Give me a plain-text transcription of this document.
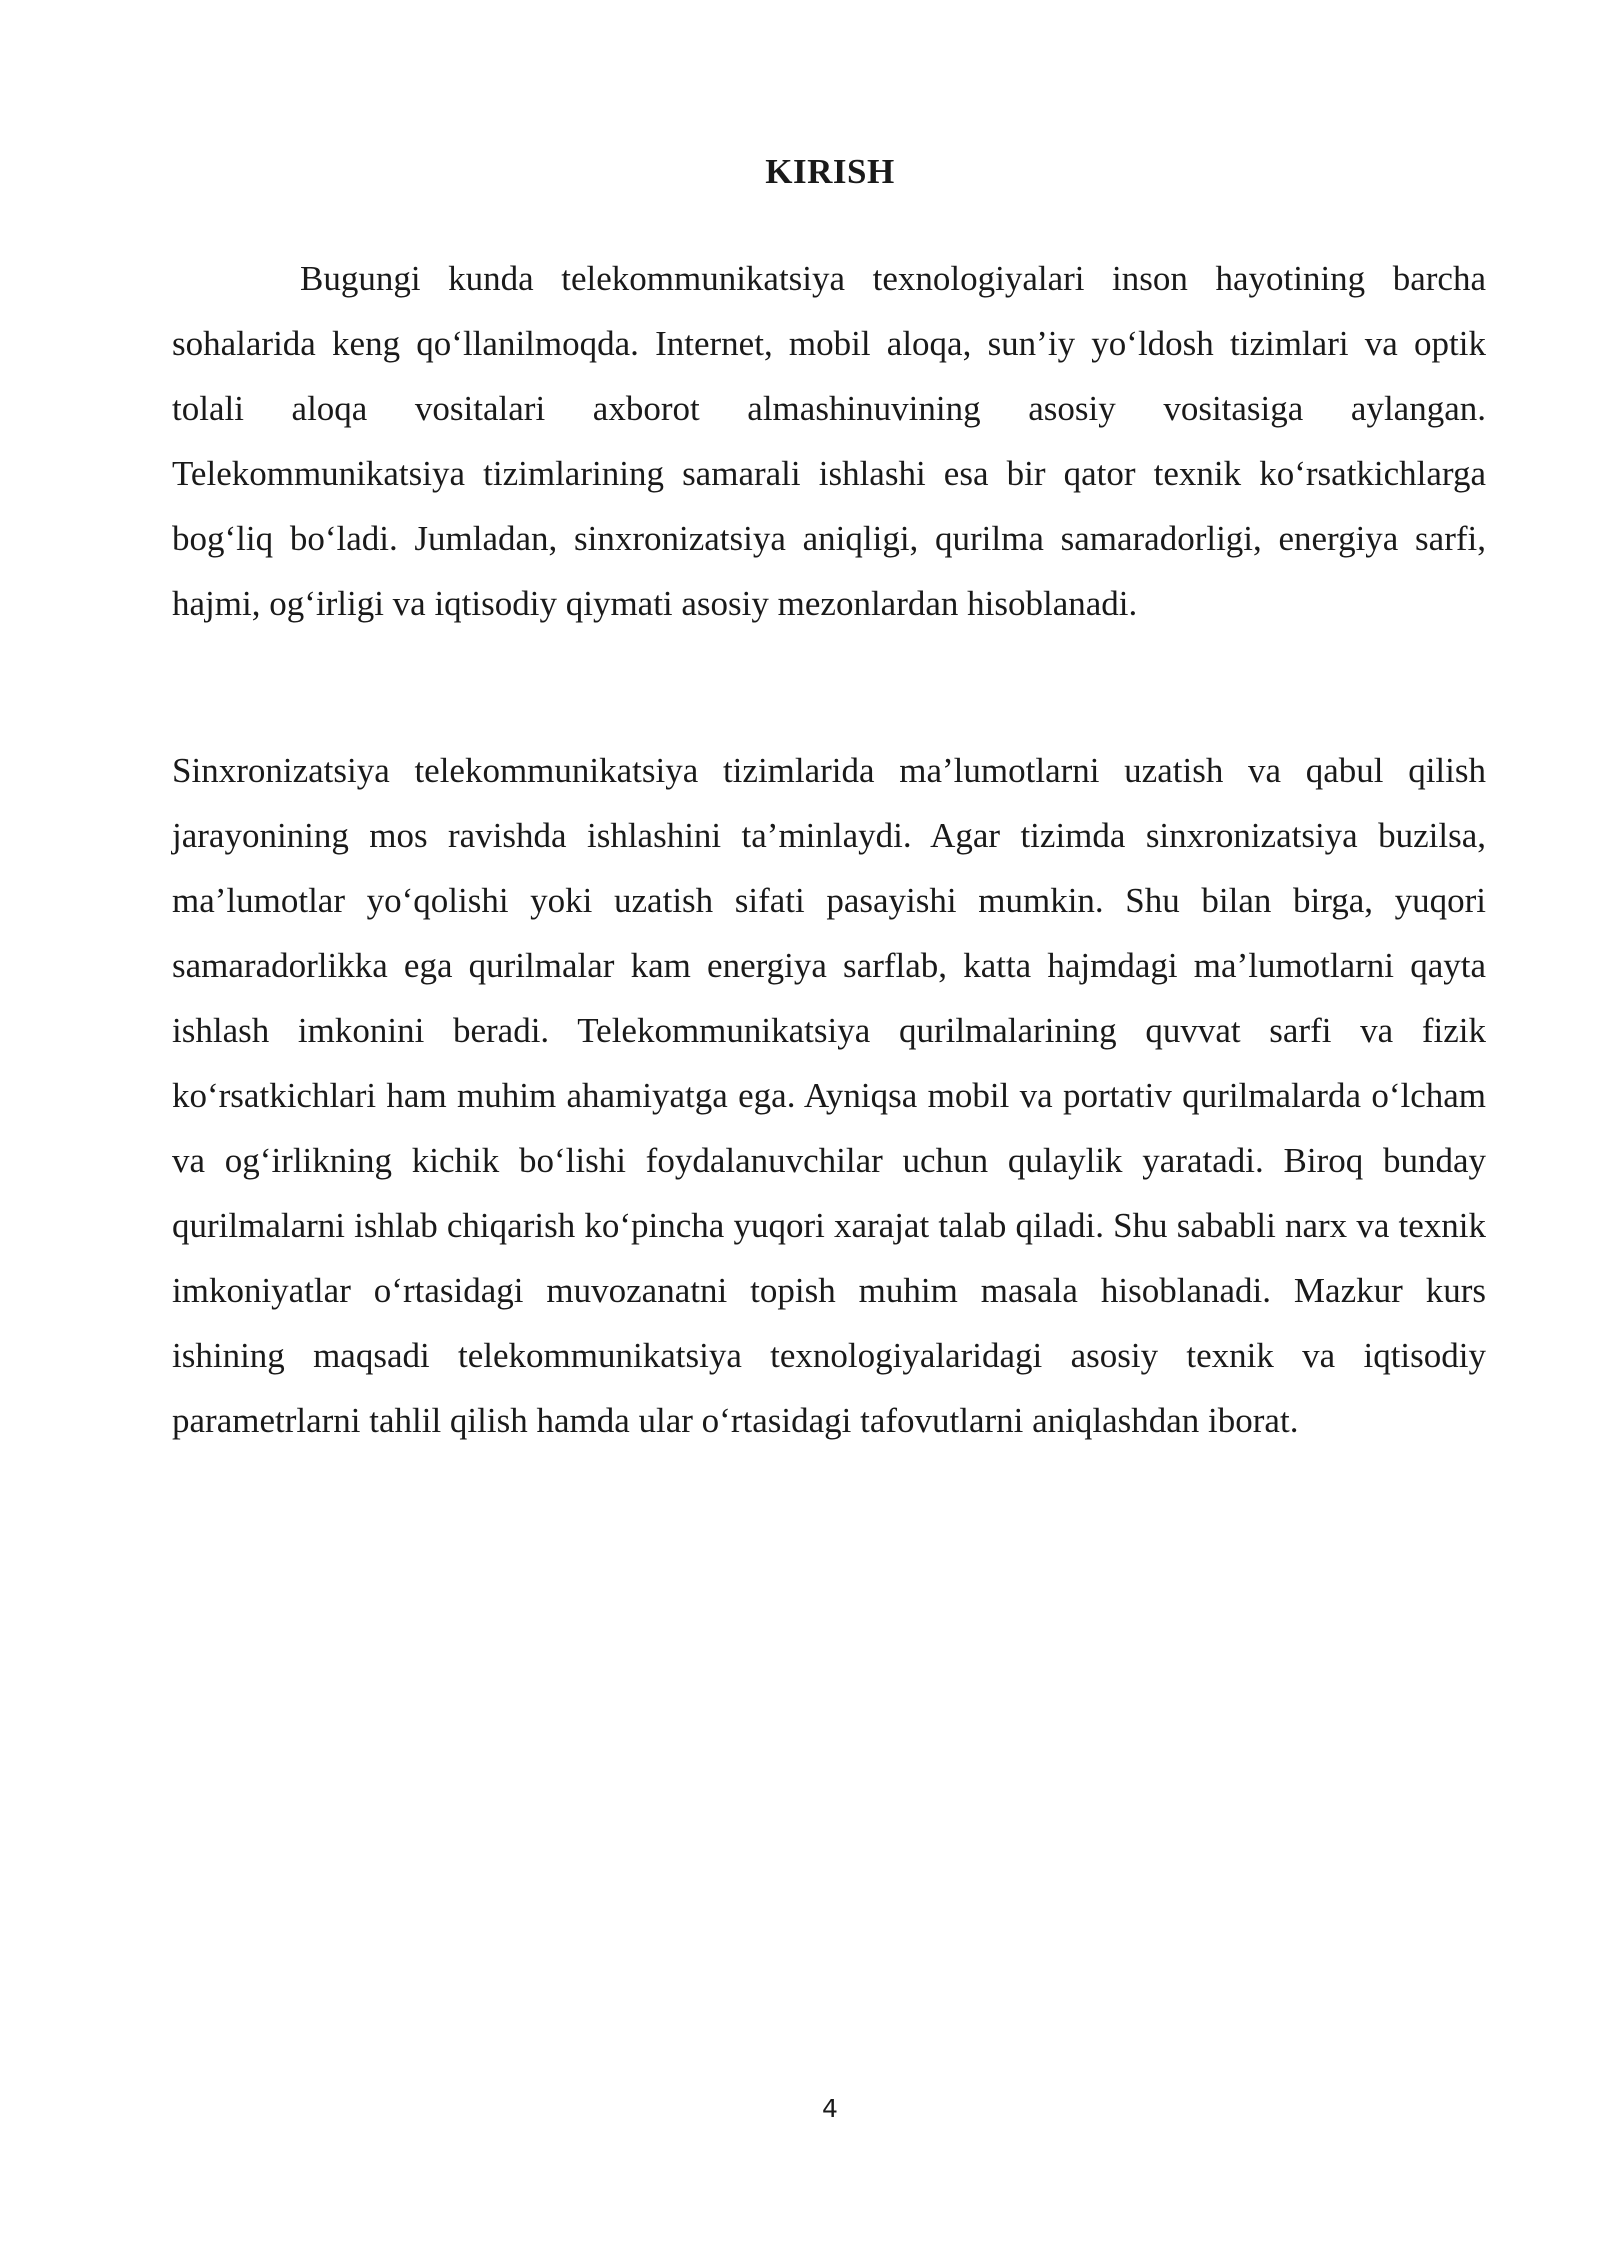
KIRISH
Bugungi kunda telekommunikatsiya texnologiyalari inson hayotining barcha sohalarida keng qo‘llanilmoqda. Internet, mobil aloqa, sun’iy yo‘ldosh tizimlari va optik tolali aloqa vositalari axborot almashinuvining asosiy vositasiga aylangan. Telekommunikatsiya tizimlarining samarali ishlashi esa bir qator texnik ko‘rsatkichlarga bog‘liq bo‘ladi. Jumladan, sinxronizatsiya aniqligi, qurilma samaradorligi, energiya sarfi, hajmi, og‘irligi va iqtisodiy qiymati asosiy mezonlardan hisoblanadi.
Sinxronizatsiya telekommunikatsiya tizimlarida ma’lumotlarni uzatish va qabul qilish jarayonining mos ravishda ishlashini ta’minlaydi. Agar tizimda sinxronizatsiya buzilsa, ma’lumotlar yo‘qolishi yoki uzatish sifati pasayishi mumkin. Shu bilan birga, yuqori samaradorlikka ega qurilmalar kam energiya sarflab, katta hajmdagi ma’lumotlarni qayta ishlash imkonini beradi. Telekommunikatsiya qurilmalarining quvvat sarfi va fizik ko‘rsatkichlari ham muhim ahamiyatga ega. Ayniqsa mobil va portativ qurilmalarda o‘lcham va og‘irlikning kichik bo‘lishi foydalanuvchilar uchun qulaylik yaratadi. Biroq bunday qurilmalarni ishlab chiqarish ko‘pincha yuqori xarajat talab qiladi. Shu sababli narx va texnik imkoniyatlar o‘rtasidagi muvozanatni topish muhim masala hisoblanadi. Mazkur kurs ishining maqsadi telekommunikatsiya texnologiyalaridagi asosiy texnik va iqtisodiy parametrlarni tahlil qilish hamda ular o‘rtasidagi tafovutlarni aniqlashdan iborat.
4
